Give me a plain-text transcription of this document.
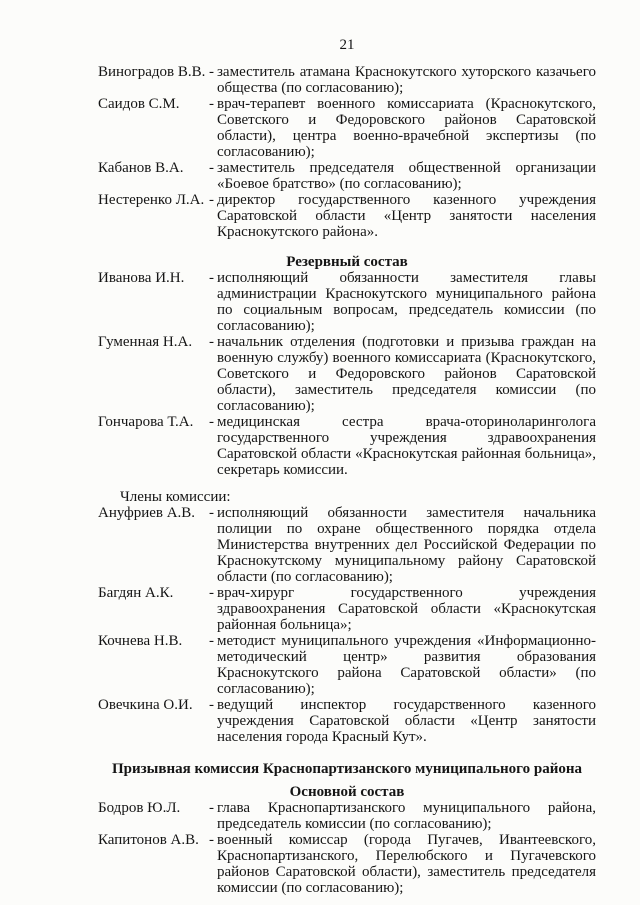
21
Виноградов В.В. - заместитель атамана Краснокутского хуторского казачьего общества (по согласованию);
Саидов С.М.	- врач-терапевт военного комиссариата (Краснокутского, Советского и Федоровского районов Саратовской области), центра военно-врачебной экспертизы (по согласованию);
Кабанов В.А.	- заместитель председателя общественной организации «Боевое братство» (по согласованию);
Нестеренко Л.А. - директор государственного казенного учреждения Саратовской области «Центр занятости населения Краснокутского района».
Резервный состав
Иванова И.Н.	- исполняющий обязанности заместителя главы администрации Краснокутского муниципального района по социальным вопросам, председатель комиссии (по согласованию);
Гуменная Н.А.	- начальник отделения (подготовки и призыва граждан на военную службу) военного комиссариата (Краснокутского, Советского и Федоровского районов Саратовской области), заместитель председателя комиссии (по согласованию);
Гончарова Т.А.	- медицинская сестра врача-оториноларинголога государственного учреждения здравоохранения Саратовской области «Краснокутская районная больница», секретарь комиссии.
Члены комиссии:
Ануфриев А.В. - исполняющий обязанности заместителя начальника полиции по охране общественного порядка отдела Министерства внутренних дел Российской Федерации по Краснокутскому муниципальному району Саратовской области (по согласованию);
Багдян А.К.	- врач-хирург государственного учреждения здравоохранения Саратовской области «Краснокутская районная больница»;
Кочнева Н.В.	- методист муниципального учреждения «Информационно-методический центр» развития образования Краснокутского района Саратовской области» (по согласованию);
Овечкина О.И.	- ведущий инспектор государственного казенного учреждения Саратовской области «Центр занятости населения города Красный Кут».
Призывная комиссия Краснопартизанского муниципального района
Основной состав
Бодров Ю.Л.	- глава Краснопартизанского муниципального района, председатель комиссии (по согласованию);
Капитонов А.В. - военный комиссар (города Пугачев, Ивантеевского, Краснопартизанского, Перелюбского и Пугачевского районов Саратовской области), заместитель председателя комиссии (по согласованию);
